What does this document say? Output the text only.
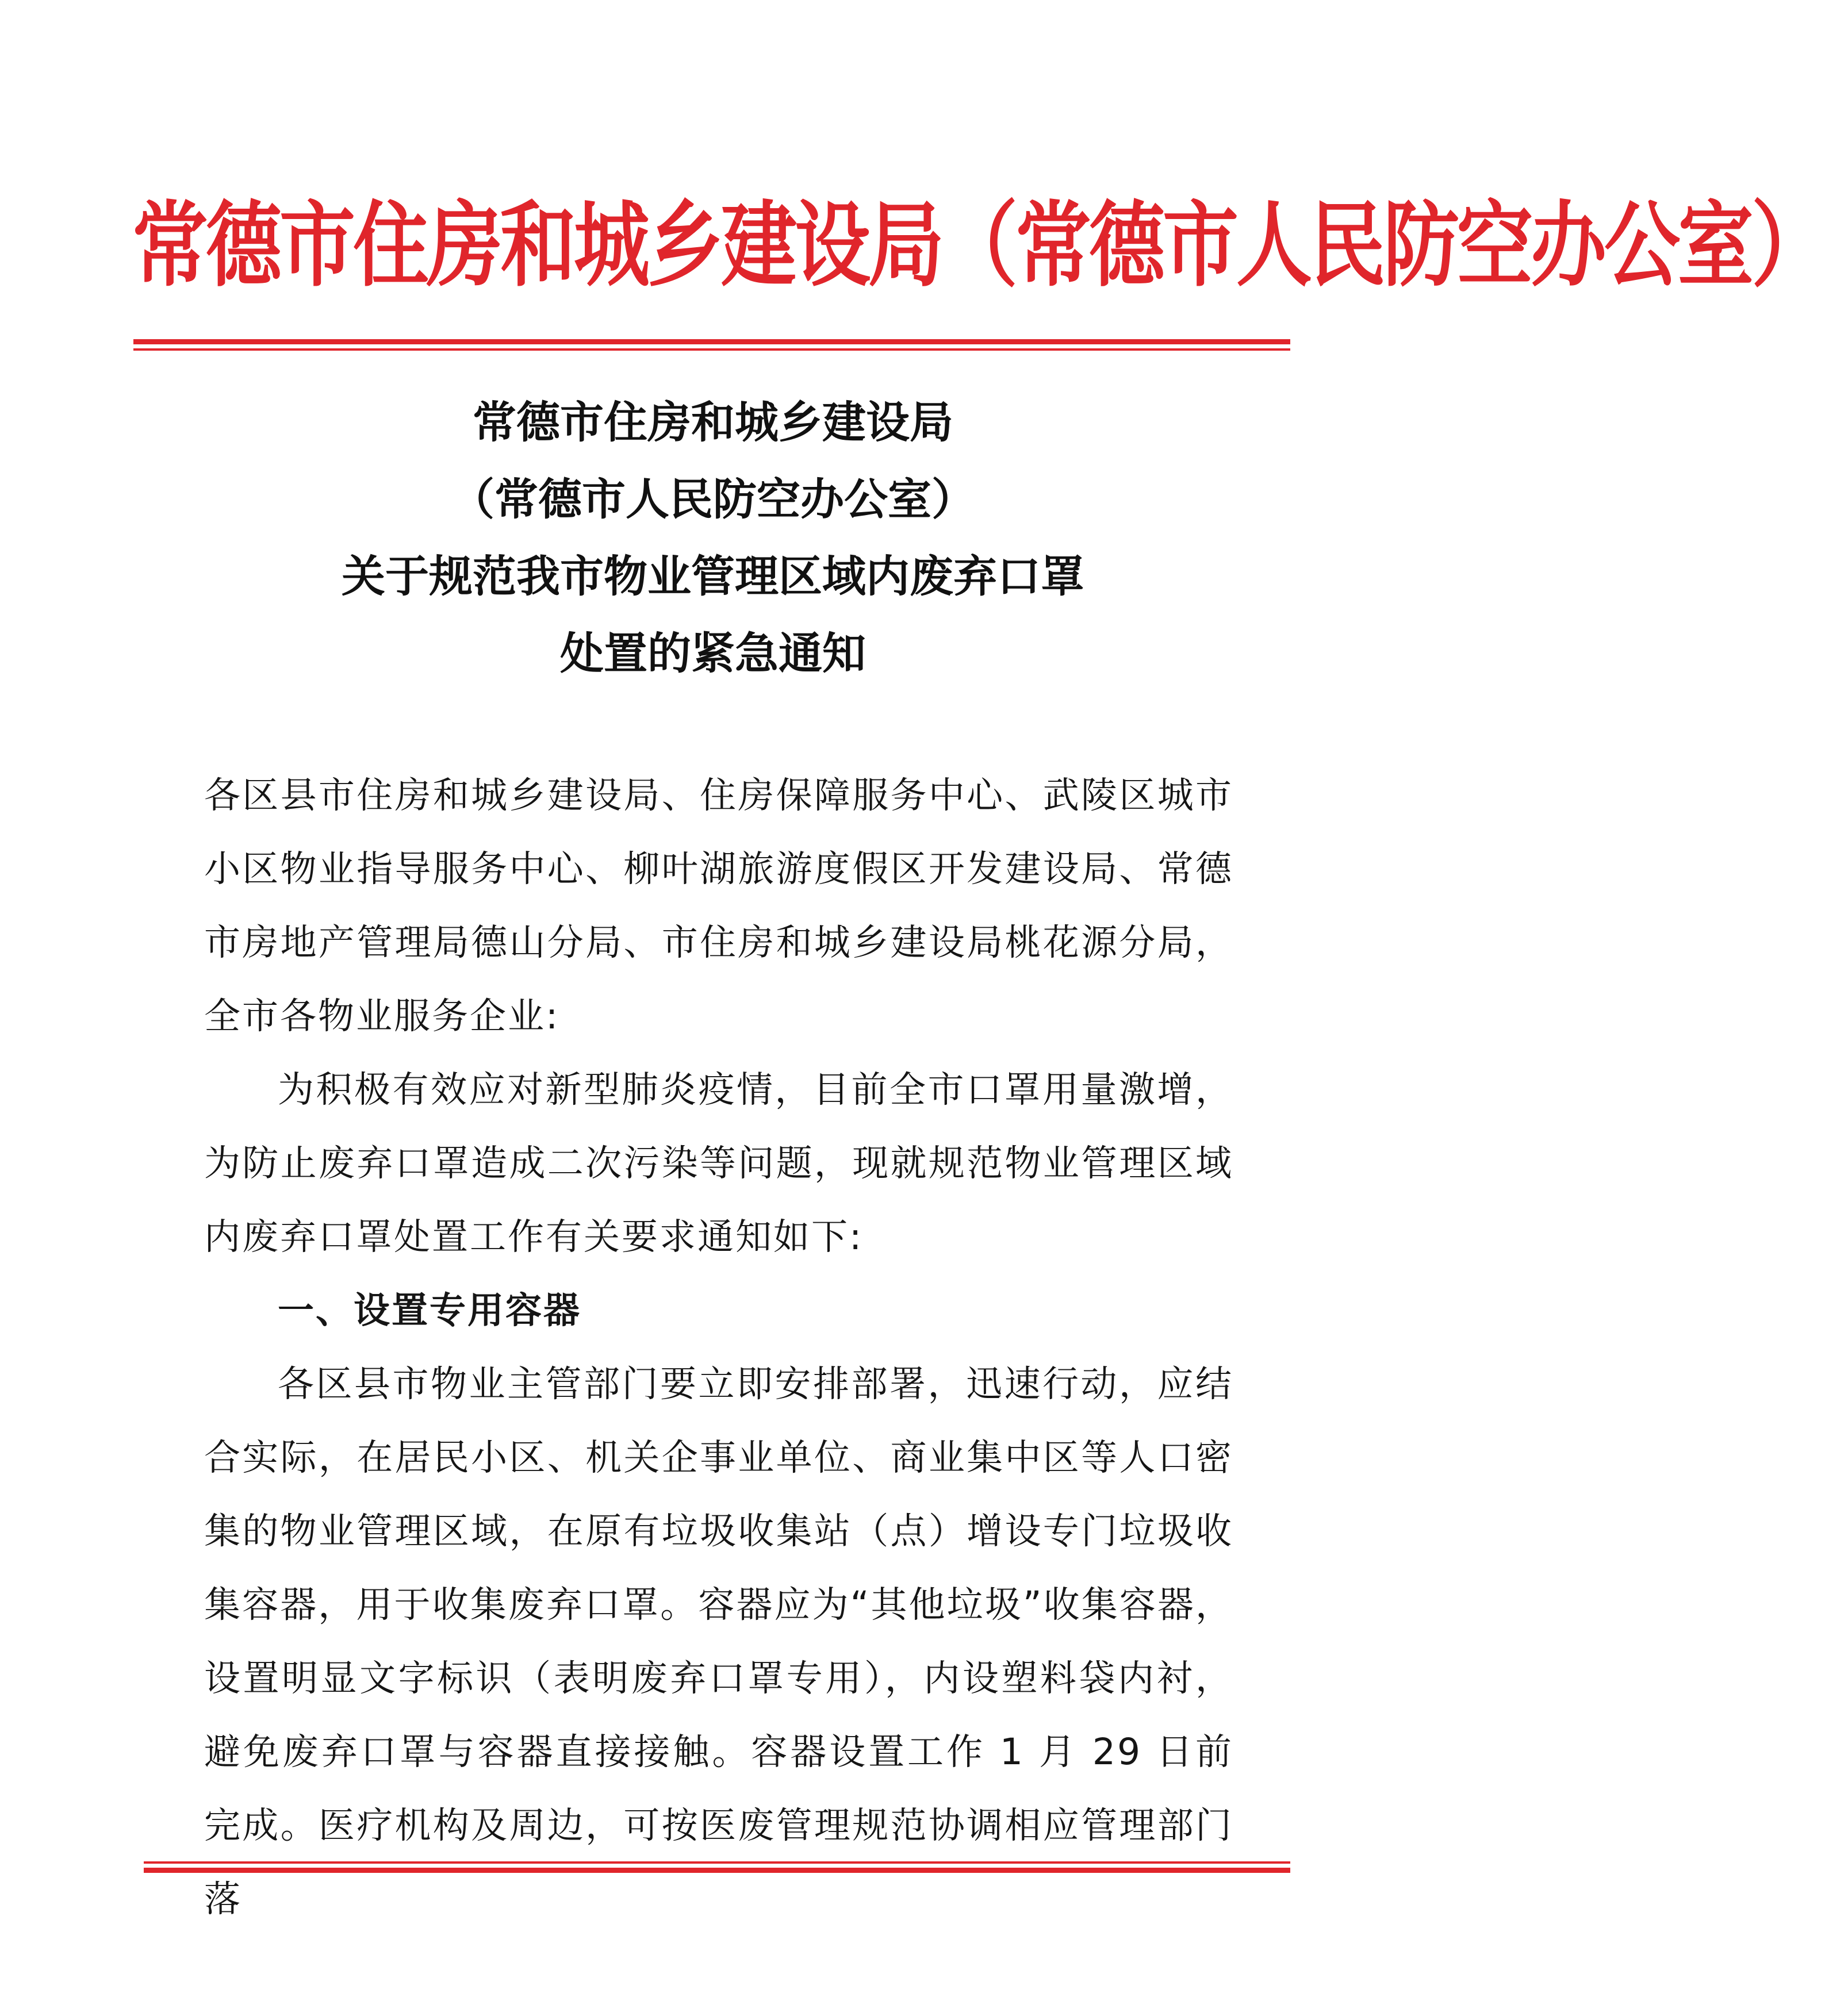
常德市住房和城乡建设局（常德市人民防空办公室）
常德市住房和城乡建设局
（常德市人民防空办公室）
关于规范我市物业管理区域内废弃口罩
处置的紧急通知

各区县市住房和城乡建设局、住房保障服务中心、武陵区城市小区物业指导服务中心、柳叶湖旅游度假区开发建设局、常德市房地产管理局德山分局、市住房和城乡建设局桃花源分局，全市各物业服务企业:

为积极有效应对新型肺炎疫情，目前全市口罩用量激增，为防止废弃口罩造成二次污染等问题，现就规范物业管理区域内废弃口罩处置工作有关要求通知如下:

一、设置专用容器

各区县市物业主管部门要立即安排部署，迅速行动，应结合实际，在居民小区、机关企事业单位、商业集中区等人口密集的物业管理区域，在原有垃圾收集站（点）增设专门垃圾收集容器，用于收集废弃口罩。容器应为“其他垃圾”收集容器，设置明显文字标识（表明废弃口罩专用），内设塑料袋内衬，避免废弃口罩与容器直接接触。容器设置工作 1 月 29 日前完成。医疗机构及周边，可按医废管理规范协调相应管理部门落
